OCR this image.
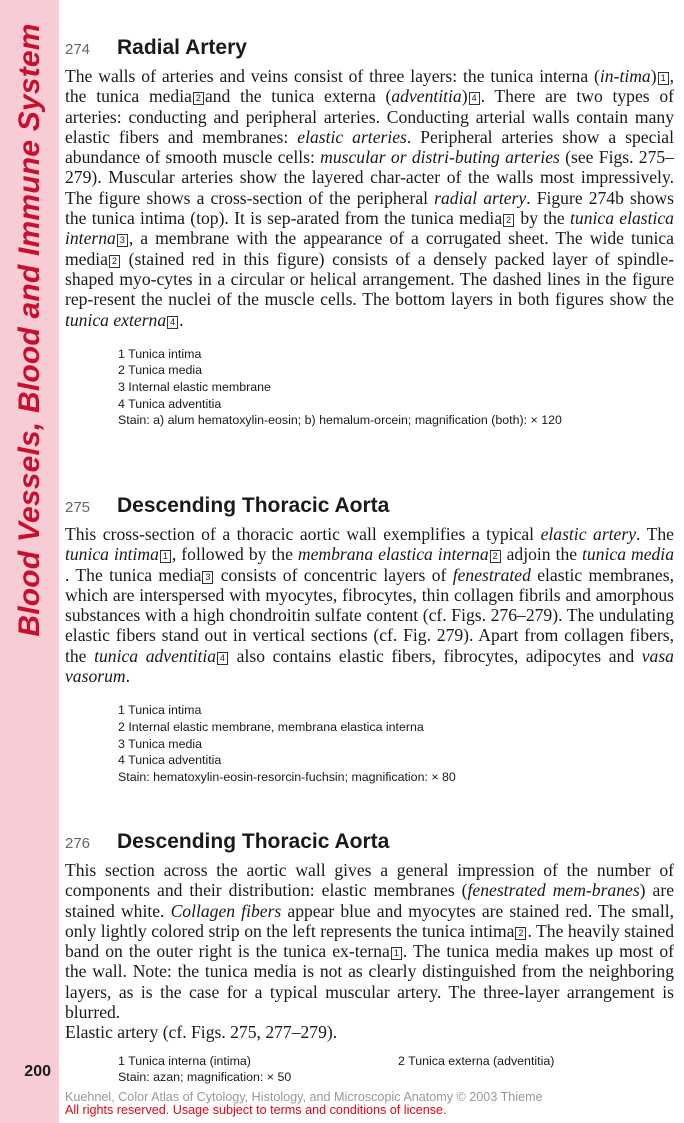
Blood Vessels, Blood and Immune System
200
274	Radial Artery

The walls of arteries and veins consist of three layers: the tunica interna (in-tima) 1 , the tunica media 2 and the tunica externa (adventitia) 4 . There are two types of arteries: conducting and peripheral arteries. Conducting arterial walls contain many elastic fibers and membranes: elastic arteries. Peripheral arteries show a special abundance of smooth muscle cells: muscular or distri-buting arteries (see Figs. 275–279). Muscular arteries show the layered char-acter of the walls most impressively. The figure shows a cross-section of the peripheral radial artery. Figure 274b shows the tunica intima (top). It is sep-arated from the tunica media 2 by the tunica elastica interna 3 , a membrane with the appearance of a corrugated sheet. The wide tunica media 2 (stained red in this figure) consists of a densely packed layer of spindle-shaped myo-cytes in a circular or helical arrangement. The dashed lines in the figure rep-resent the nuclei of the muscle cells. The bottom layers in both figures show the tunica externa 4 .

1 Tunica intima
2 Tunica media
3 Internal elastic membrane
4 Tunica adventitia
Stain: a) alum hematoxylin-eosin; b) hemalum-orcein; magnification (both): × 120
275	Descending Thoracic Aorta

This cross-section of a thoracic aortic wall exemplifies a typical elastic artery. The tunica intima 1 , followed by the membrana elastica interna 2 adjoin the tunica media . The tunica media 3 consists of concentric layers of fenestrated elastic membranes, which are interspersed with myocytes, fibrocytes, thin collagen fibrils and amorphous substances with a high chondroitin sulfate content (cf. Figs. 276–279). The undulating elastic fibers stand out in vertical sections (cf. Fig. 279). Apart from collagen fibers, the tunica adventitia 4 also contains elastic fibers, fibrocytes, adipocytes and vasa vasorum.

1 Tunica intima
2 Internal elastic membrane, membrana elastica interna
3 Tunica media
4 Tunica adventitia
Stain: hematoxylin-eosin-resorcin-fuchsin; magnification: × 80
276	Descending Thoracic Aorta

This section across the aortic wall gives a general impression of the number of components and their distribution: elastic membranes (fenestrated mem-branes) are stained white. Collagen fibers appear blue and myocytes are stained red. The small, only lightly colored strip on the left represents the tunica intima 2 . The heavily stained band on the outer right is the tunica ex-terna 1 . The tunica media makes up most of the wall. Note: the tunica media is not as clearly distinguished from the neighboring layers, as is the case for a typical muscular artery. The three-layer arrangement is blurred.

Elastic artery (cf. Figs. 275, 277–279).

1 Tunica interna (intima)	2 Tunica externa (adventitia)
Stain: azan; magnification: × 50
Kuehnel, Color Atlas of Cytology, Histology, and Microscopic Anatomy © 2003 Thieme
All rights reserved. Usage subject to terms and conditions of license.
